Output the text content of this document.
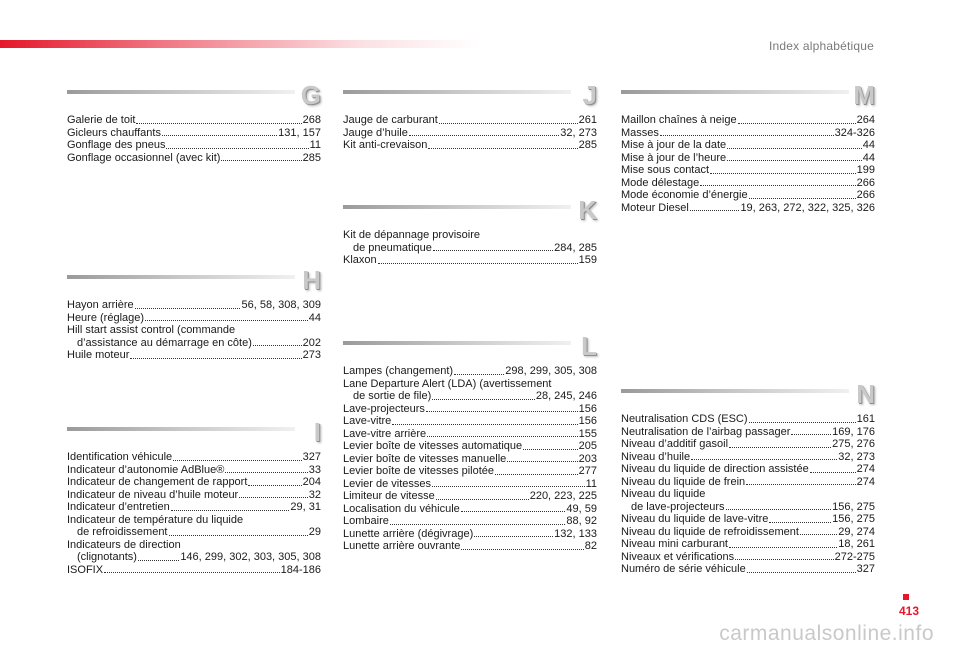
Index alphabétique
G
Galerie de toit	268
Gicleurs chauffants	131, 157
Gonflage des pneus	11
Gonflage occasionnel (avec kit)	285
H
Hayon arrière	56, 58, 308, 309
Heure (réglage)	44
Hill start assist control (commande
d’assistance au démarrage en côte)	202
Huile moteur	273
I
Identification véhicule	327
Indicateur d’autonomie AdBlue®	33
Indicateur de changement de rapport	204
Indicateur de niveau d’huile moteur	32
Indicateur d’entretien	29, 31
Indicateur de température du liquide
de refroidissement	29
Indicateurs de direction
(clignotants)	146, 299, 302, 303, 305, 308
ISOFIX	184-186
J
Jauge de carburant	261
Jauge d’huile	32, 273
Kit anti-crevaison	285
K
Kit de dépannage provisoire
de pneumatique	284, 285
Klaxon	159
L
Lampes (changement)	298, 299, 305, 308
Lane Departure Alert (LDA) (avertissement
de sortie de file)	28, 245, 246
Lave-projecteurs	156
Lave-vitre	156
Lave-vitre arrière	155
Levier boîte de vitesses automatique	205
Levier boîte de vitesses manuelle	203
Levier boîte de vitesses pilotée	277
Levier de vitesses	11
Limiteur de vitesse	220, 223, 225
Localisation du véhicule	49, 59
Lombaire	88, 92
Lunette arrière (dégivrage)	132, 133
Lunette arrière ouvrante	82
M
Maillon chaînes à neige	264
Masses	324-326
Mise à jour de la date	44
Mise à jour de l’heure	44
Mise sous contact	199
Mode délestage	266
Mode économie d’énergie	266
Moteur Diesel	19, 263, 272, 322, 325, 326
N
Neutralisation CDS (ESC)	161
Neutralisation de l’airbag passager	169, 176
Niveau d’additif gasoil	275, 276
Niveau d’huile	32, 273
Niveau du liquide de direction assistée	274
Niveau du liquide de frein	274
Niveau du liquide
de lave-projecteurs	156, 275
Niveau du liquide de lave-vitre	156, 275
Niveau du liquide de refroidissement	29, 274
Niveau mini carburant	18, 261
Niveaux et vérifications	272-275
Numéro de série véhicule	327
413
carmanualsonline.info
